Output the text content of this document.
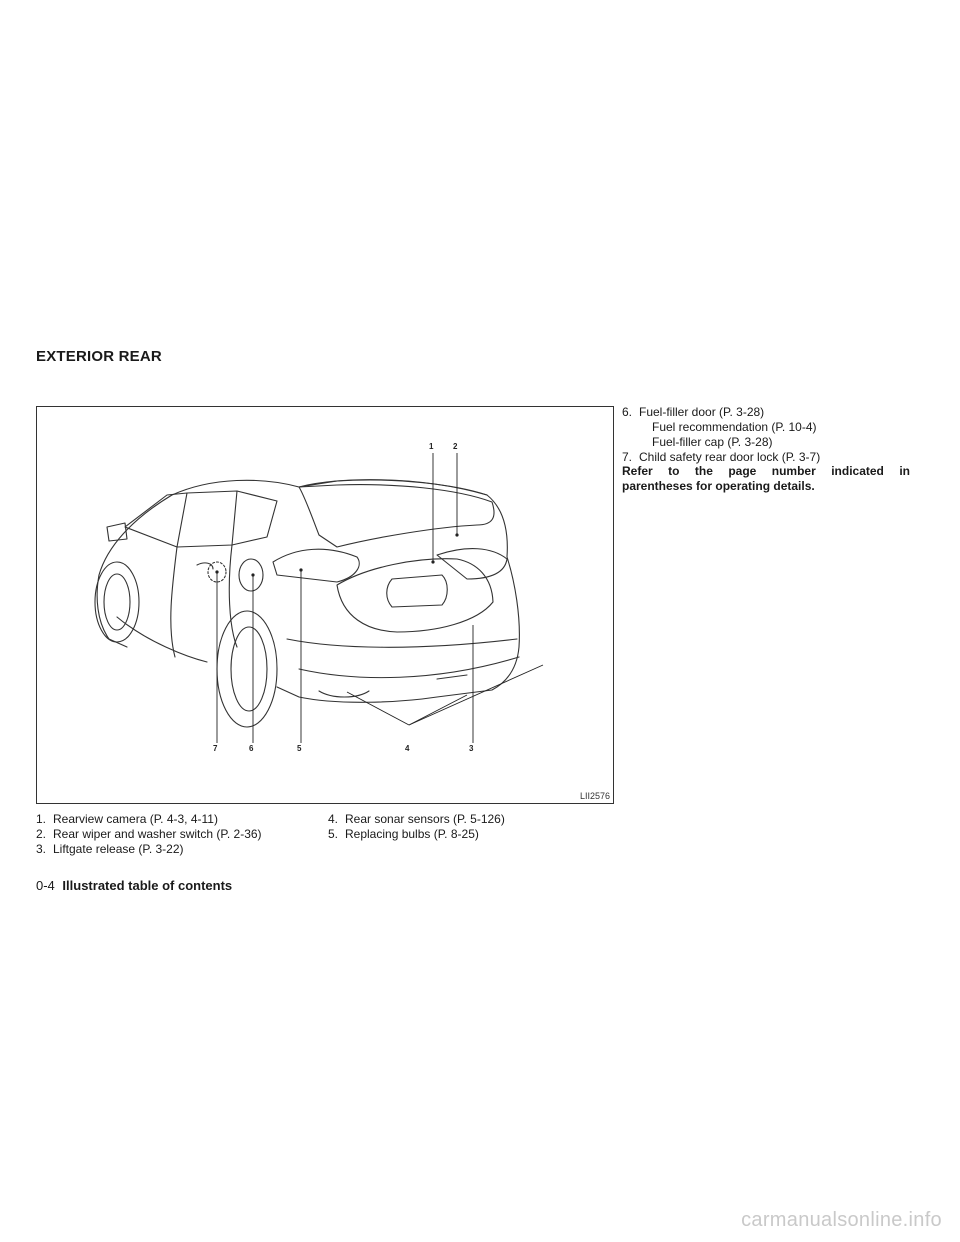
EXTERIOR REAR
1 2
3
4
5
6
7
LII2576
1. Rearview camera (P. 4-3, 4-11)
2. Rear wiper and washer switch (P. 2-36)
3. Liftgate release (P. 3-22)
4. Rear sonar sensors (P. 5-126)
5. Replacing bulbs (P. 8-25)
6. Fuel-filler door (P. 3-28)
Fuel recommendation (P. 10-4)
Fuel-filler cap (P. 3-28)
7. Child safety rear door lock (P. 3-7)

Refer to the page number indicated in parentheses for operating details.

0-4 Illustrated table of contents
carmanualsonline.info
